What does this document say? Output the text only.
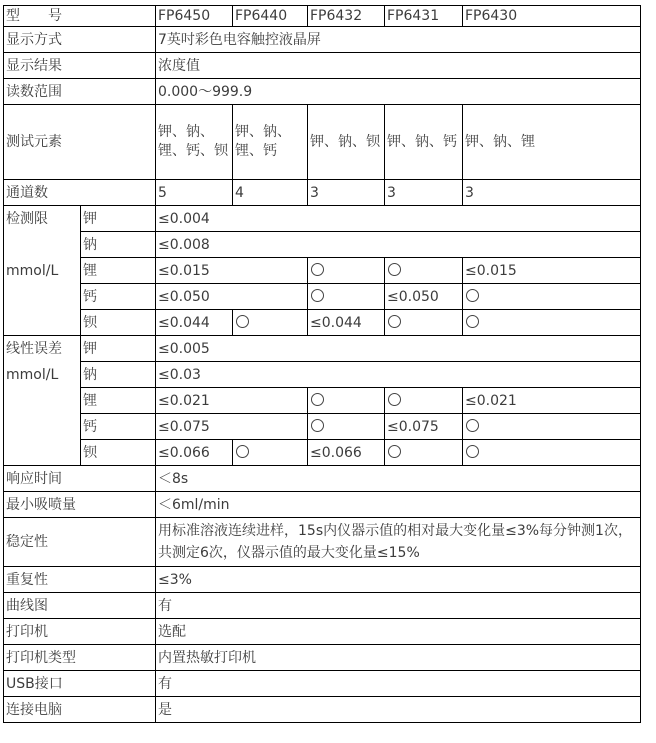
型　　号		FP6450	FP6440	FP6432	FP6431	FP6430
显示方式		7英吋彩色电容触控液晶屏				
显示结果		浓度值				
读数范围		0.000～999.9				
测试元素		钾、钠、锂、钙、钡	钾、钠、锂、钙	钾、钠、钡	钾、钠、钙	钾、钠、锂
通道数		5	4	3	3	3
检测限	钾	≤0.004				
	钠	≤0.008				
mmol/L	锂	≤0.015				≤0.015
	钙	≤0.050			≤0.050	
	钡	≤0.044		≤0.044		
线性误差	钾	≤0.005				
mmol/L	钠	≤0.03				
	锂	≤0.021				≤0.021
	钙	≤0.075			≤0.075	
	钡	≤0.066		≤0.066		
响应时间		＜8s				
最小吸喷量		＜6ml/min				
稳定性		用标准溶液连续进样，15s内仪器示值的相对最大变化量≤3%每分钟测1次，共测定6次，仪器示值的最大变化量≤15%				
重复性		≤3%				
曲线图		有				
打印机		选配				
打印机类型		内置热敏打印机				
USB接口		有				
连接电脑		是				
